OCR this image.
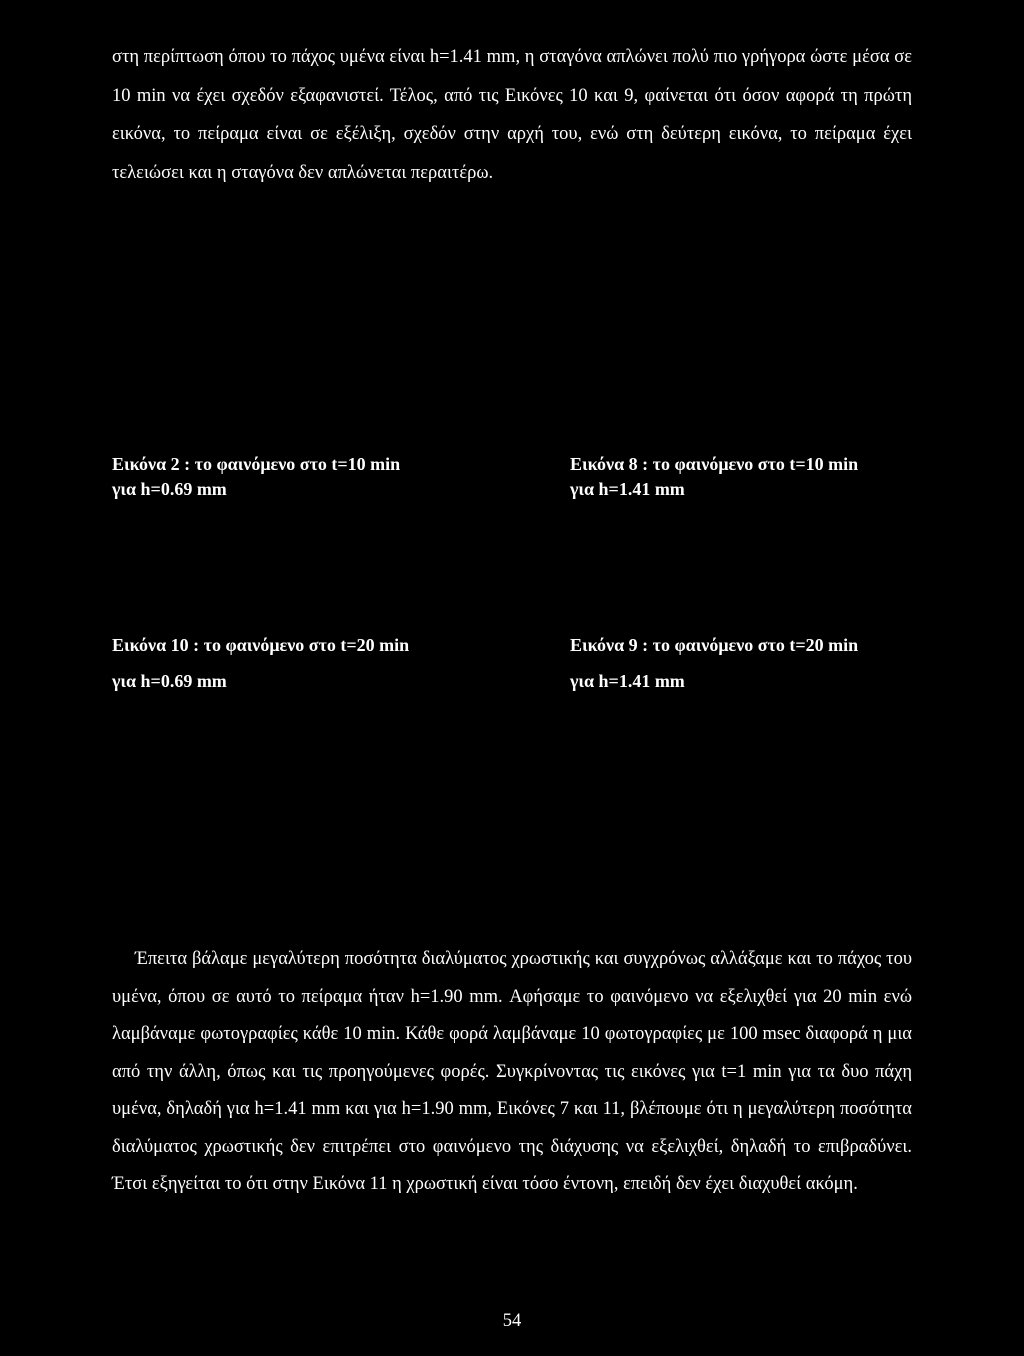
στη περίπτωση όπου το πάχος υμένα είναι h=1.41 mm, η σταγόνα απλώνει πολύ πιο γρήγορα ώστε μέσα σε 10 min να έχει σχεδόν εξαφανιστεί. Τέλος, από τις Εικόνες 10 και 9, φαίνεται ότι όσον αφορά τη πρώτη εικόνα, το πείραμα είναι σε εξέλιξη, σχεδόν στην αρχή του, ενώ στη δεύτερη εικόνα, το πείραμα έχει τελειώσει και η σταγόνα δεν απλώνεται περαιτέρω.

Εικόνα 2 : το φαινόμενο στο t=10 min
για h=0.69 mm
Εικόνα 8 : το φαινόμενο στο t=10 min
για h=1.41 mm
Εικόνα 10 : το φαινόμενο στο t=20 min
για h=0.69 mm
Εικόνα 9 : το φαινόμενο στο t=20 min
για h=1.41 mm

Έπειτα βάλαμε μεγαλύτερη ποσότητα διαλύματος χρωστικής και συγχρόνως αλλάξαμε και το πάχος του υμένα, όπου σε αυτό το πείραμα ήταν h=1.90 mm. Αφήσαμε το φαινόμενο να εξελιχθεί για 20 min ενώ λαμβάναμε φωτογραφίες κάθε 10 min. Κάθε φορά λαμβάναμε 10 φωτογραφίες με 100 msec διαφορά η μια από την άλλη, όπως και τις προηγούμενες φορές. Συγκρίνοντας τις εικόνες για t=1 min για τα δυο πάχη υμένα, δηλαδή για h=1.41 mm και για h=1.90 mm, Εικόνες 7 και 11, βλέπουμε ότι η μεγαλύτερη ποσότητα διαλύματος χρωστικής δεν επιτρέπει στο φαινόμενο της διάχυσης να εξελιχθεί, δηλαδή το επιβραδύνει. Έτσι εξηγείται το ότι στην Εικόνα 11 η χρωστική είναι τόσο έντονη, επειδή δεν έχει διαχυθεί ακόμη.

54
